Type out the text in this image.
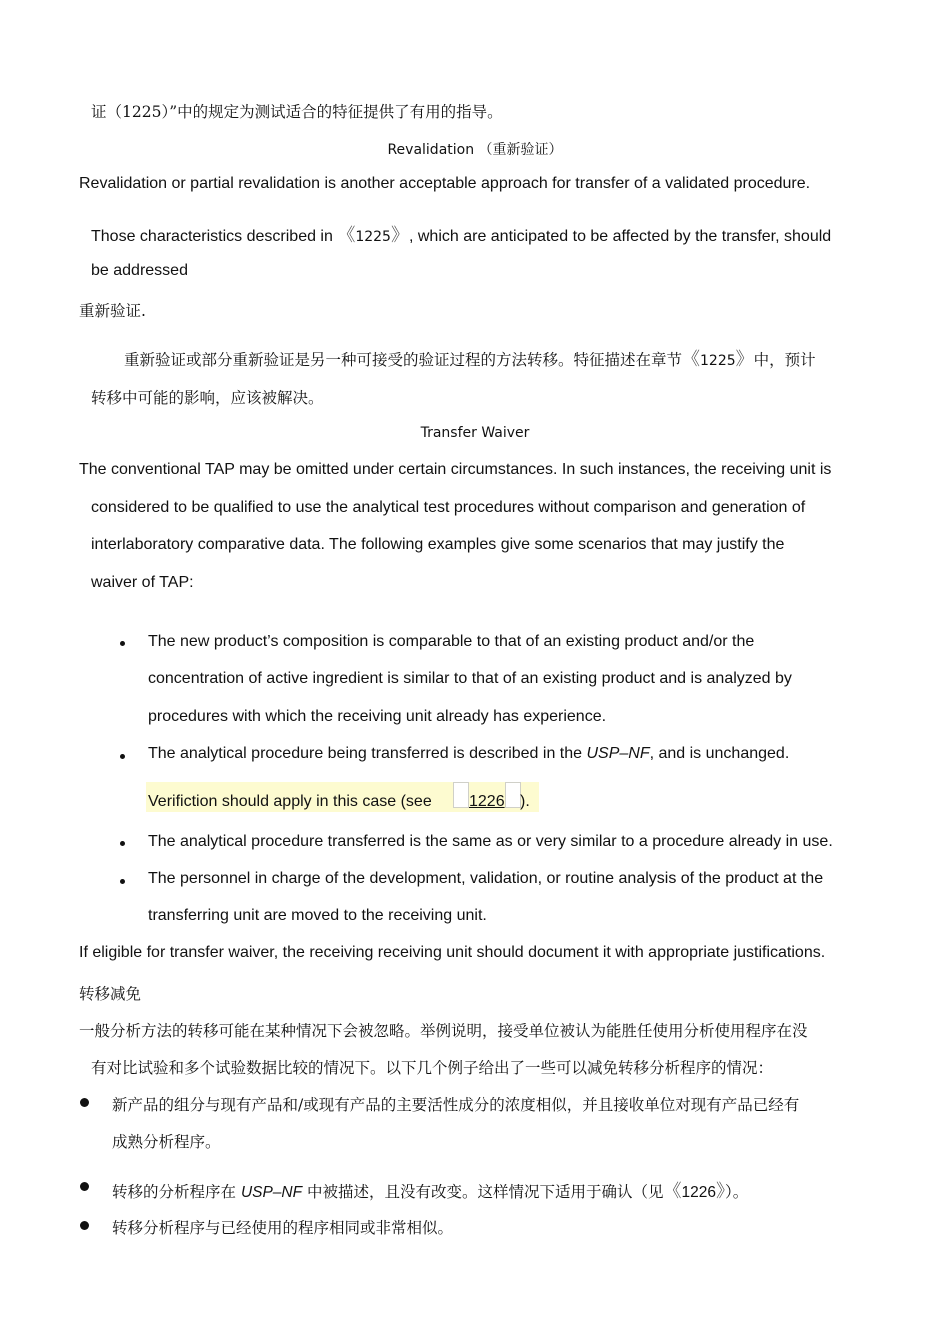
证（1225）”中的规定为测试适合的特征提供了有用的指导。
Revalidation （重新验证）
Revalidation or partial revalidation is another acceptable approach for transfer of a validated procedure.
Those characteristics described in 《1225》, which are anticipated to be affected by the transfer, should
be addressed
重新验证.
重新验证或部分重新验证是另一种可接受的验证过程的方法转移。特征描述在章节《1225》中，预计
转移中可能的影响，应该被解决。
Transfer Waiver
The conventional TAP may be omitted under certain circumstances. In such instances, the receiving unit is
considered to be qualified to use the analytical test procedures without comparison and generation of
interlaboratory comparative data. The following examples give some scenarios that may justify the
waiver of TAP:
The new product’s composition is comparable to that of an existing product and/or the
concentration of active ingredient is similar to that of an existing product and is analyzed by
procedures with which the receiving unit already has experience.
The analytical procedure being transferred is described in the USP–NF, and is unchanged.
Verifiction should apply in this case (see 1226 ).
The analytical procedure transferred is the same as or very similar to a procedure already in use.
The personnel in charge of the development, validation, or routine analysis of the product at the
transferring unit are moved to the receiving unit.
If eligible for transfer waiver, the receiving receiving unit should document it with appropriate justifications.
转移减免
一般分析方法的转移可能在某种情况下会被忽略。举例说明，接受单位被认为能胜任使用分析使用程序在没
有对比试验和多个试验数据比较的情况下。以下几个例子给出了一些可以减免转移分析程序的情况：
新产品的组分与现有产品和/或现有产品的主要活性成分的浓度相似，并且接收单位对现有产品已经有
成熟分析程序。
转移的分析程序在 USP–NF 中被描述，且没有改变。这样情况下适用于确认（见《1226》）。
转移分析程序与已经使用的程序相同或非常相似。
